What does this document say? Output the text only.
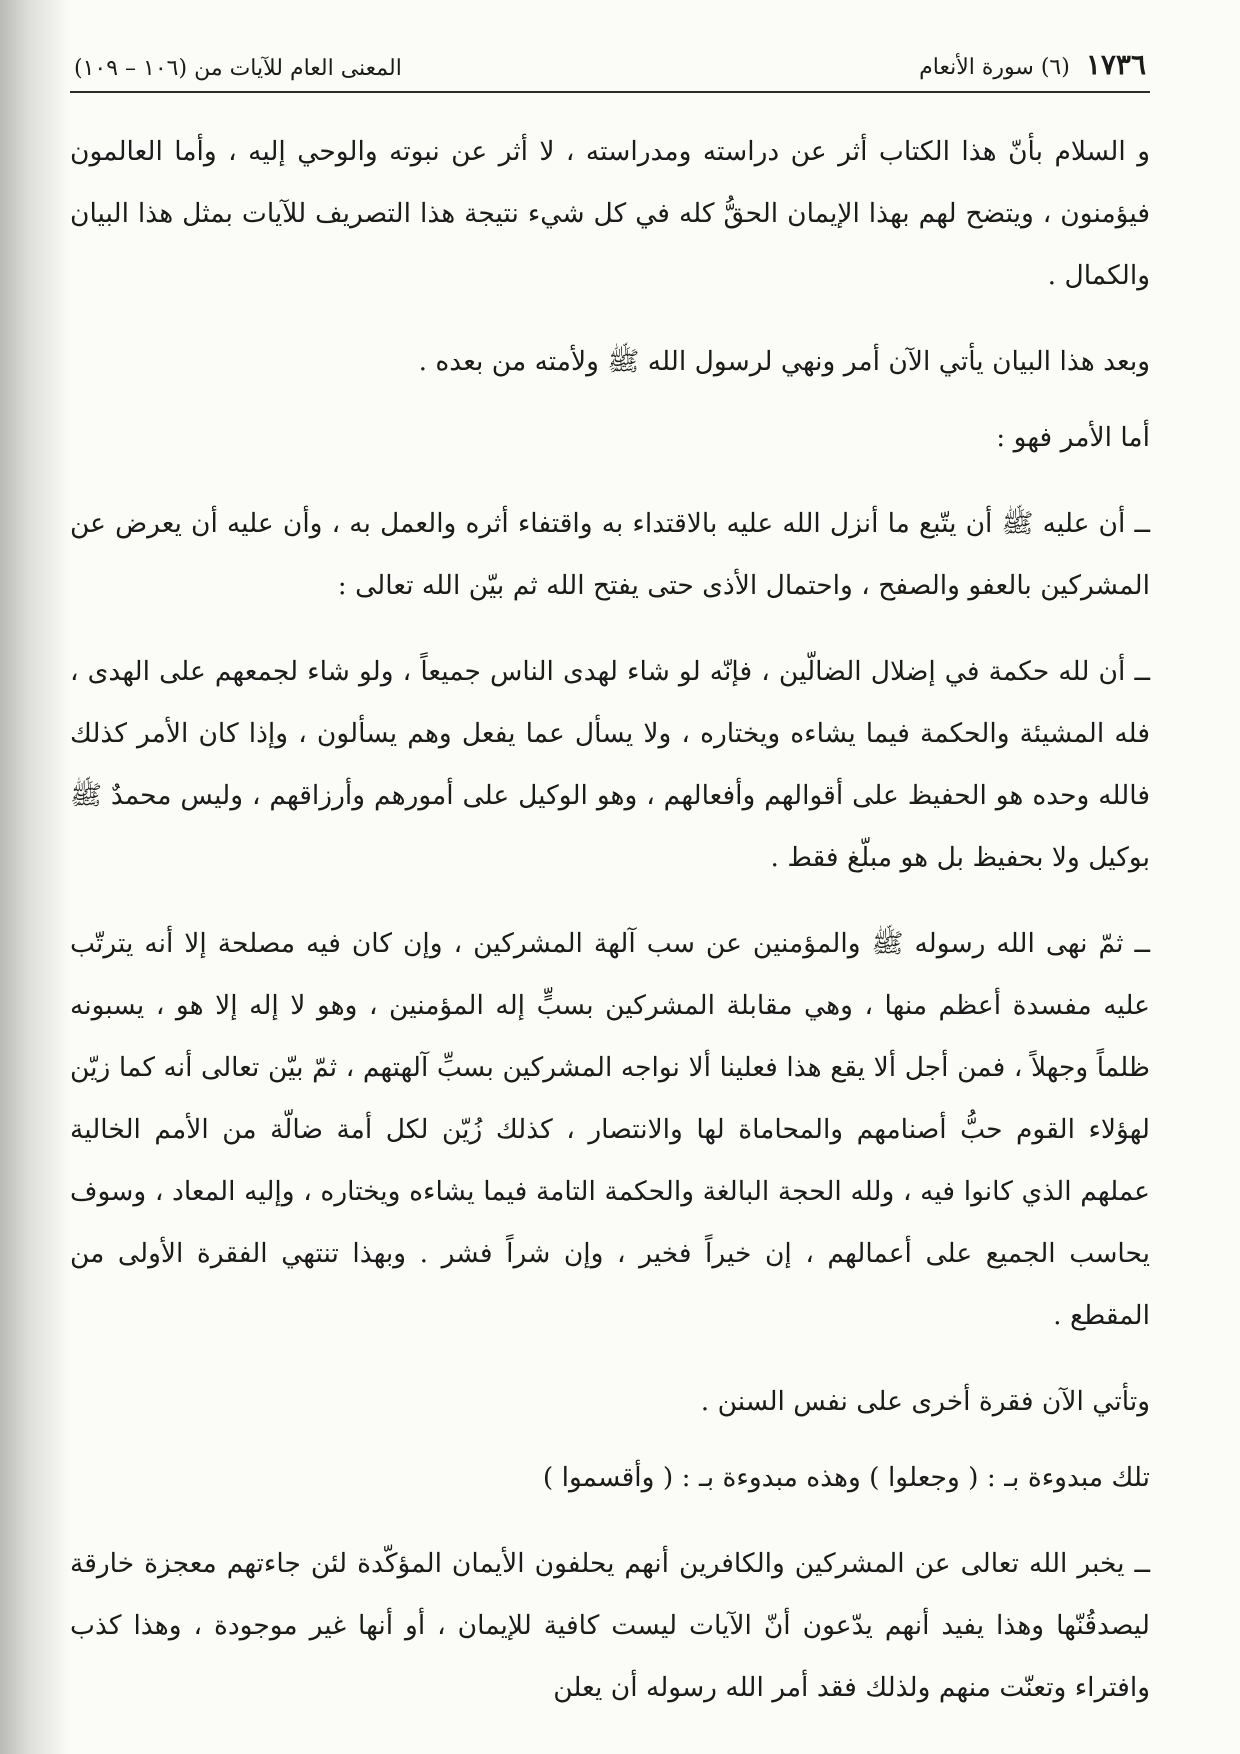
١٧٣٦
(٦) سورة الأنعام
المعنى العام للآيات من (١٠٦ – ١٠٩)

و السلام بأنّ هذا الكتاب أثر عن دراسته ومدراسته ، لا أثر عن نبوته والوحي إليه ، وأما العالمون فيؤمنون ، ويتضح لهم بهذا الإيمان الحقُّ كله في كل شيء نتيجة هذا التصريف للآيات بمثل هذا البيان والكمال .

وبعد هذا البيان يأتي الآن أمر ونهي لرسول الله ﷺ ولأمته من بعده .

أما الأمر فهو :

ــ أن عليه ﷺ أن يتّبع ما أنزل الله عليه بالاقتداء به واقتفاء أثره والعمل به ، وأن عليه أن يعرض عن المشركين بالعفو والصفح ، واحتمال الأذى حتى يفتح الله ثم بيّن الله تعالى :

ــ أن لله حكمة في إضلال الضالّين ، فإنّه لو شاء لهدى الناس جميعاً ، ولو شاء لجمعهم على الهدى ، فله المشيئة والحكمة فيما يشاءه ويختاره ، ولا يسأل عما يفعل وهم يسألون ، وإذا كان الأمر كذلك فالله وحده هو الحفيظ على أقوالهم وأفعالهم ، وهو الوكيل على أمورهم وأرزاقهم ، وليس محمدٌ ﷺ بوكيل ولا بحفيظ بل هو مبلّغ فقط .

ــ ثمّ نهى الله رسوله ﷺ والمؤمنين عن سب آلهة المشركين ، وإن كان فيه مصلحة إلا أنه يترتّب عليه مفسدة أعظم منها ، وهي مقابلة المشركين بسبٍّ إله المؤمنين ، وهو لا إله إلا هو ، يسبونه ظلماً وجهلاً ، فمن أجل ألا يقع هذا فعلينا ألا نواجه المشركين بسبِّ آلهتهم ، ثمّ بيّن تعالى أنه كما زيّن لهؤلاء القوم حبُّ أصنامهم والمحاماة لها والانتصار ، كذلك زُيّن لكل أمة ضالّة من الأمم الخالية عملهم الذي كانوا فيه ، ولله الحجة البالغة والحكمة التامة فيما يشاءه ويختاره ، وإليه المعاد ، وسوف يحاسب الجميع على أعمالهم ، إن خيراً فخير ، وإن شراً فشر . وبهذا تنتهي الفقرة الأولى من المقطع .

وتأتي الآن فقرة أخرى على نفس السنن .

تلك مبدوءة بـ : ( وجعلوا ) وهذه مبدوءة بـ : ( وأقسموا )

ــ يخبر الله تعالى عن المشركين والكافرين أنهم يحلفون الأيمان المؤكّدة لئن جاءتهم معجزة خارقة ليصدقُنّها وهذا يفيد أنهم يدّعون أنّ الآيات ليست كافية للإيمان ، أو أنها غير موجودة ، وهذا كذب وافتراء وتعنّت منهم ولذلك فقد أمر الله رسوله أن يعلن
